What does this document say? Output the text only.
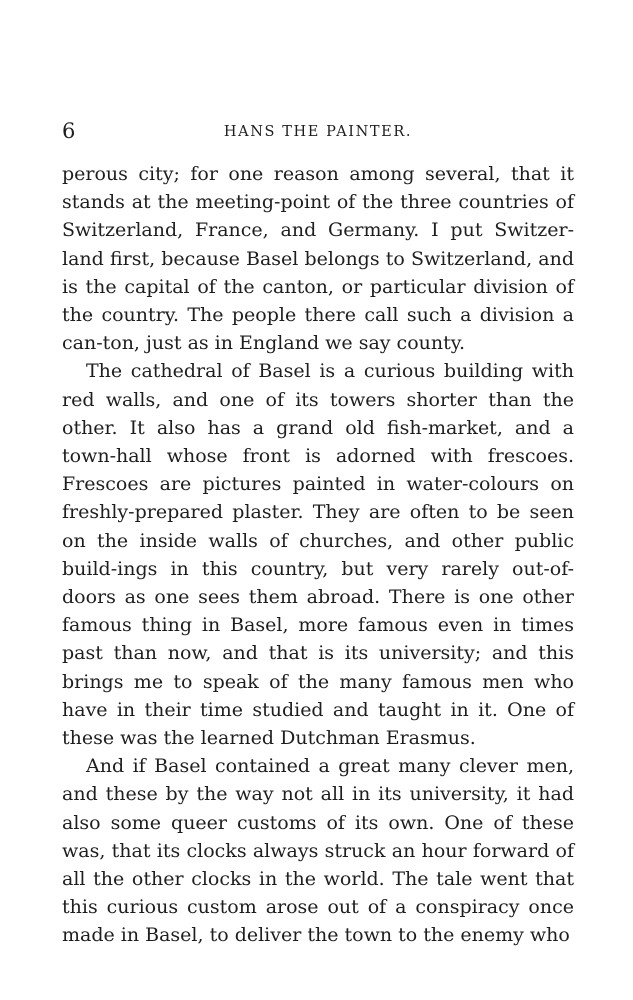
6	HANS THE PAINTER.

perous city; for one reason among several, that it stands at the meeting-point of the three countries of Switzerland, France, and Germany. I put Switzer-land first, because Basel belongs to Switzerland, and is the capital of the canton, or particular division of the country. The people there call such a division a can-ton, just as in England we say county.

The cathedral of Basel is a curious building with red walls, and one of its towers shorter than the other. It also has a grand old fish-market, and a town-hall whose front is adorned with frescoes. Frescoes are pictures painted in water-colours on freshly-prepared plaster. They are often to be seen on the inside walls of churches, and other public build-ings in this country, but very rarely out-of-doors as one sees them abroad. There is one other famous thing in Basel, more famous even in times past than now, and that is its university; and this brings me to speak of the many famous men who have in their time studied and taught in it. One of these was the learned Dutchman Erasmus.

And if Basel contained a great many clever men, and these by the way not all in its university, it had also some queer customs of its own. One of these was, that its clocks always struck an hour forward of all the other clocks in the world. The tale went that this curious custom arose out of a conspiracy once made in Basel, to deliver the town to the enemy who
